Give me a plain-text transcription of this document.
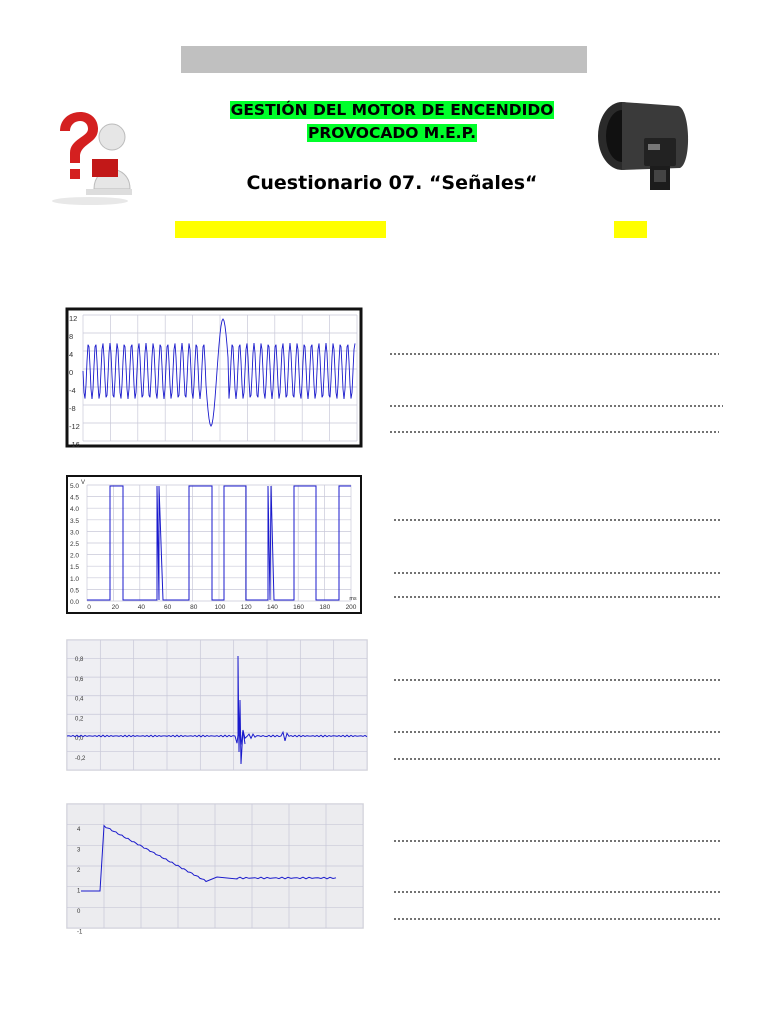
GESTIÓN DEL MOTOR DE ENCENDIDO
PROVOCADO M.E.P.
Cuestionario 07. “Señales“
12
8
4
0
-4
-8
-12
-16
5.0
4.5
4.0
3.5
3.0
2.5
2.0
1.5
1.0
0.5
0.0
V
0	20	40	60	80	100 120 140 160 180 200
ms
0,8
0,6
0,4
0,2
0,0
-0,2
4
3
2
1
0
-1
